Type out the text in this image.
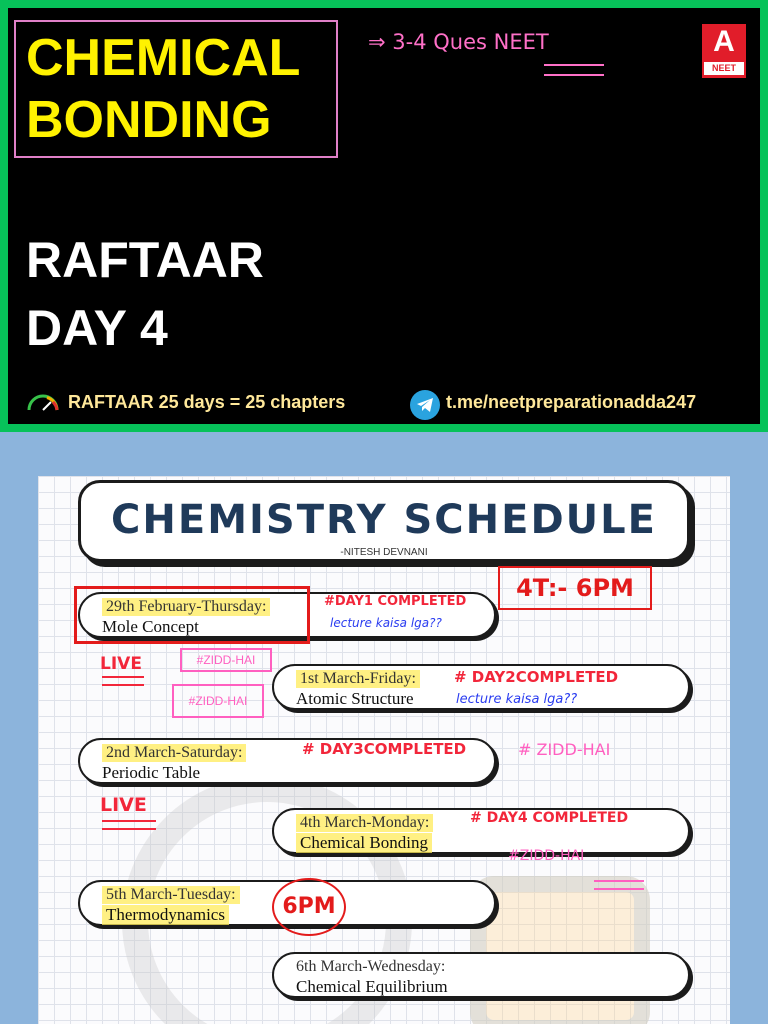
CHEMICAL
BONDING
⇒ 3-4 Ques NEET
RAFTAAR
DAY 4
A
NEET
RAFTAAR 25 days = 25 chapters	t.me/neetpreparationadda247
CHEMISTRY SCHEDULE
-NITESH DEVNANI
4T:- 6PM
29th February-Thursday:
Mole Concept
#DAY1 COMPLETED
lecture kaisa lga??
LIVE	#ZIDD-HAI
#ZIDD-HAI
1st March-Friday:
Atomic Structure
# DAY2COMPLETED
lecture kaisa lga??
2nd March-Saturday:
Periodic Table
# DAY3COMPLETED	# ZIDD-HAI
LIVE
4th March-Monday:
Chemical Bonding
# DAY4 COMPLETED
#ZIDD-HAI
5th March-Tuesday:
Thermodynamics	6PM
6th March-Wednesday:
Chemical Equilibrium
